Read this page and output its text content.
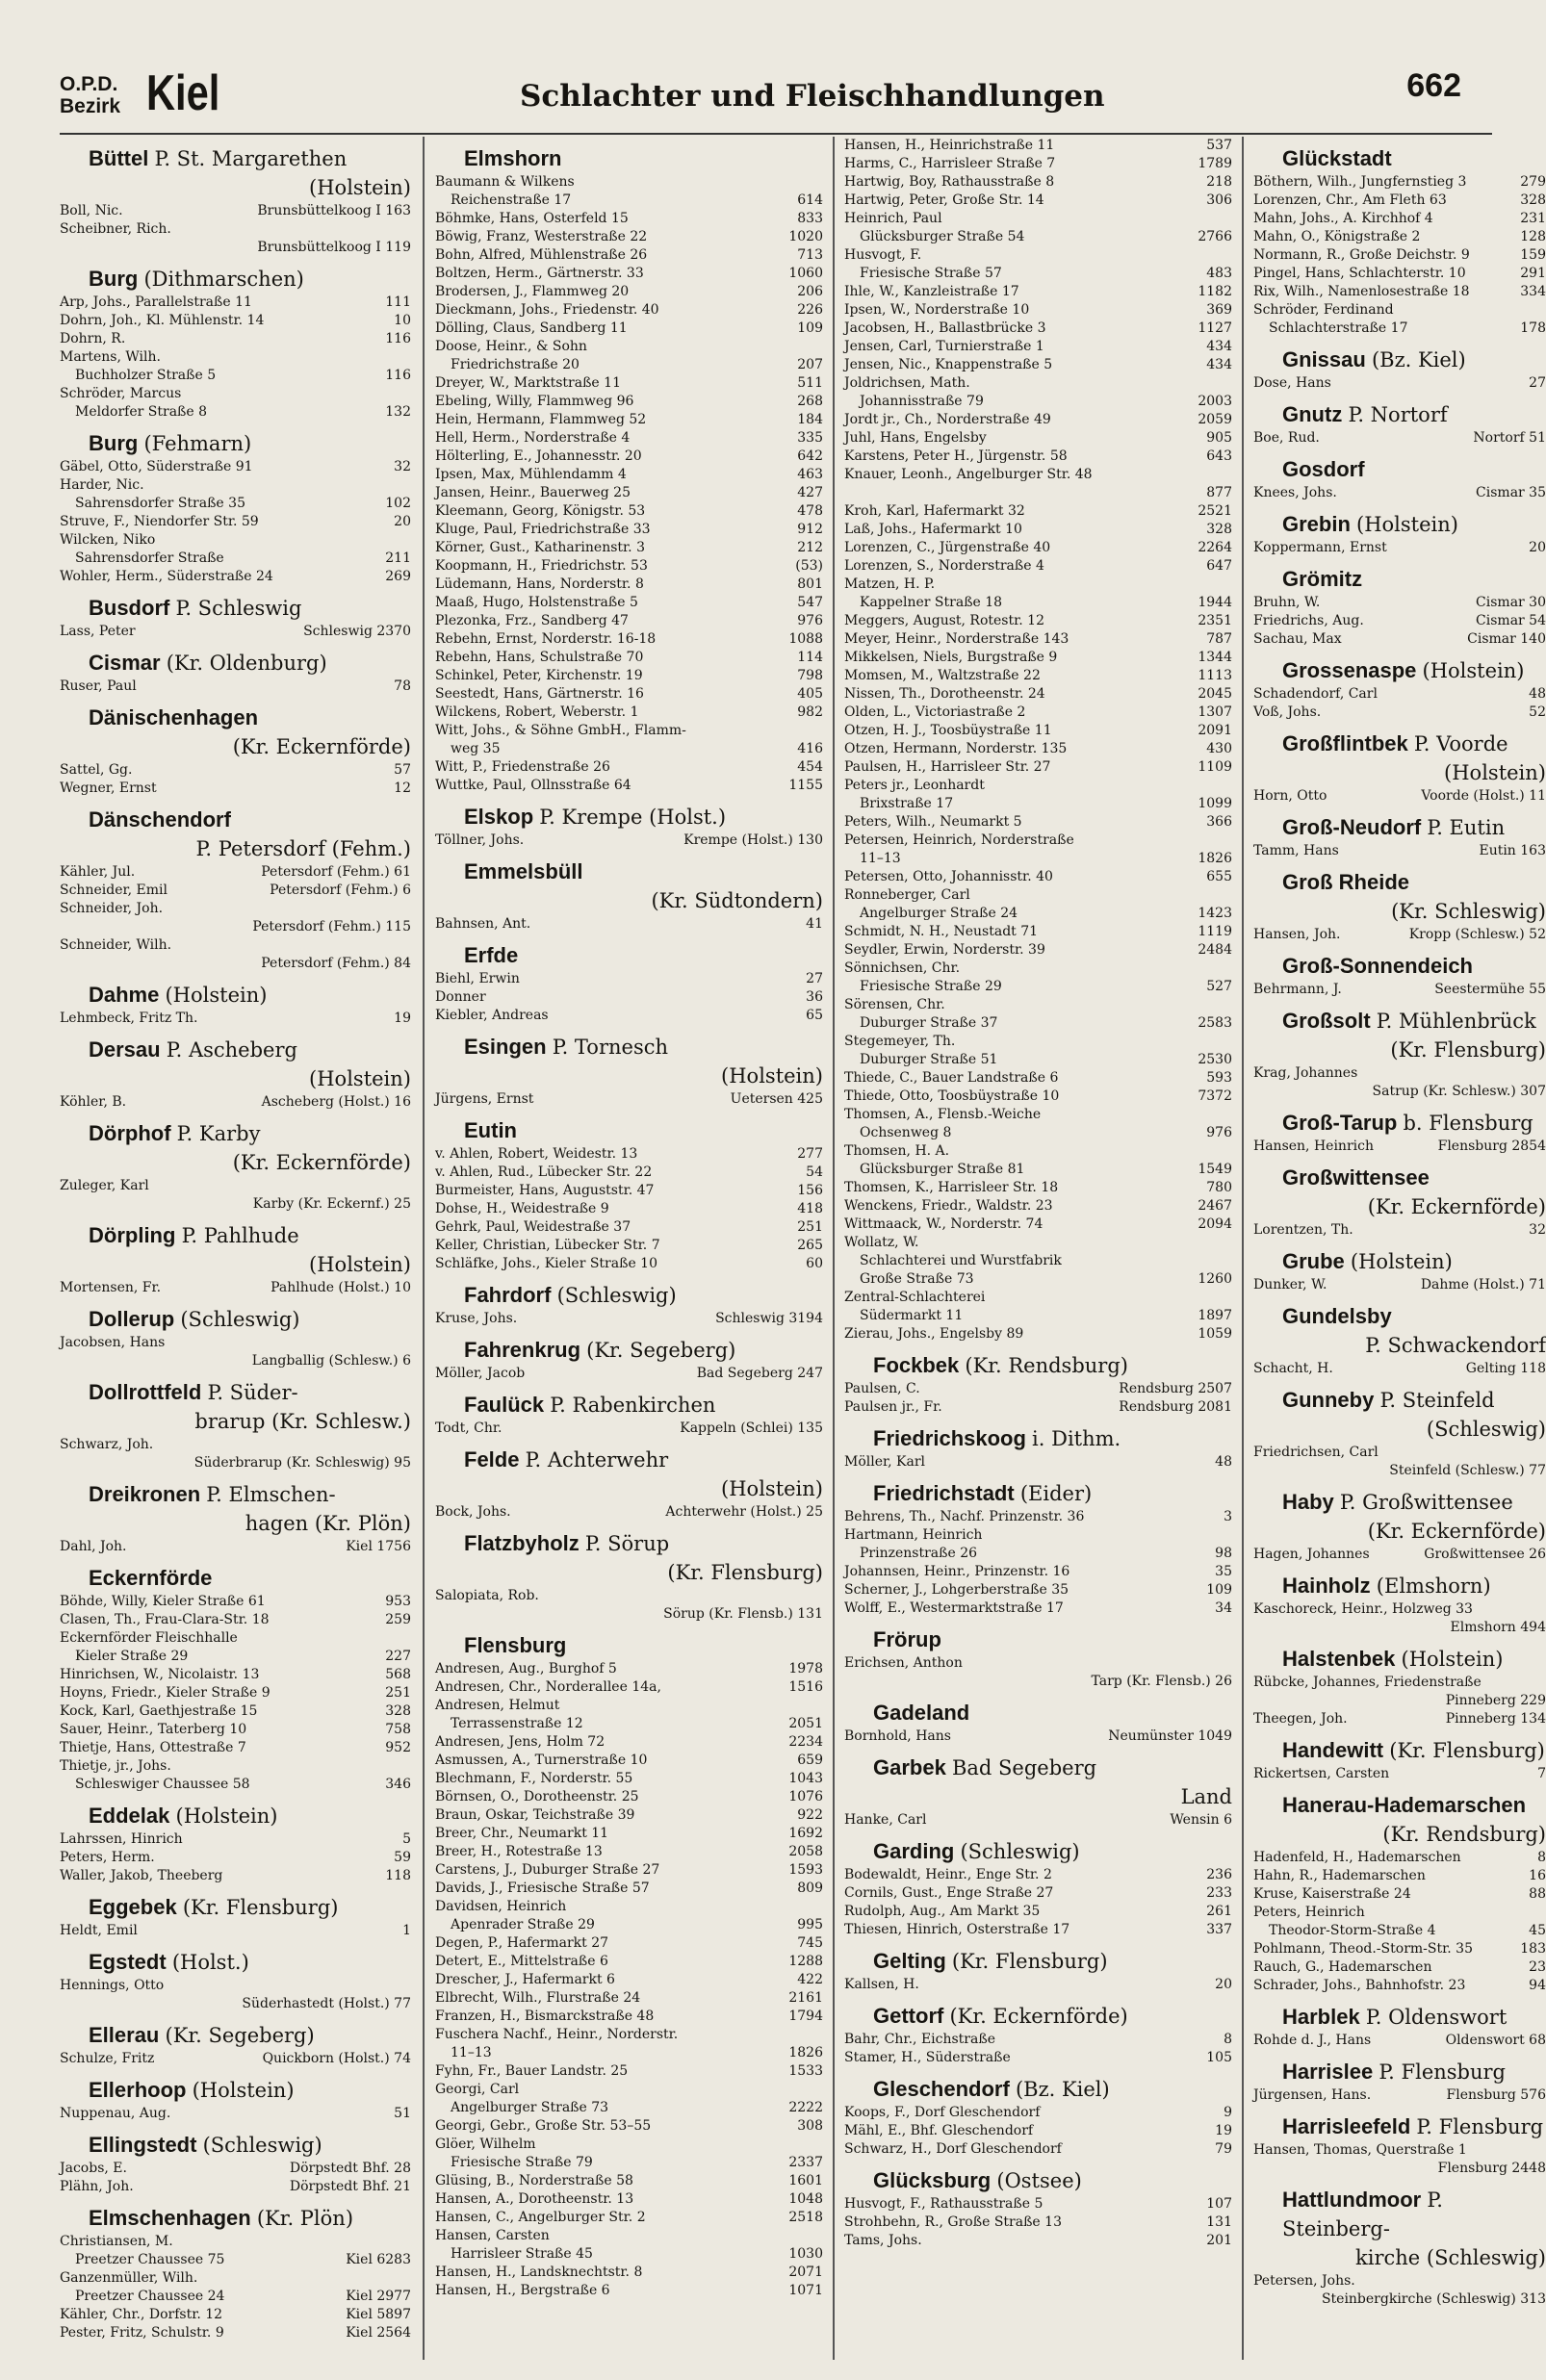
O.P.D.
Bezirk Kiel	Schlachter und Fleischhandlungen	662
Büttel P. St. Margarethen
(Holstein)
Boll, Nic.	Brunsbüttelkoog I 163
Scheibner, Rich.
Brunsbüttelkoog I 119
Burg (Dithmarschen)
Arp, Johs., Parallelstraße 11	111
Dohrn, Joh., Kl. Mühlenstr. 14	10
Dohrn, R.	116
Martens, Wilh.
Buchholzer Straße 5	116
Schröder, Marcus
Meldorfer Straße 8	132
Burg (Fehmarn)
Gäbel, Otto, Süderstraße 91	32
Harder, Nic.
Sahrensdorfer Straße 35	102
Struve, F., Niendorfer Str. 59	20
Wilcken, Niko
Sahrensdorfer Straße	211
Wohler, Herm., Süderstraße 24	269
Busdorf P. Schleswig
Lass, Peter	Schleswig 2370
Cismar (Kr. Oldenburg)
Ruser, Paul	78
Dänischenhagen
(Kr. Eckernförde)
Sattel, Gg.	57
Wegner, Ernst	12
Dänschendorf
P. Petersdorf (Fehm.)
Kähler, Jul.	Petersdorf (Fehm.) 61
Schneider, Emil	Petersdorf (Fehm.) 6
Schneider, Joh.
Petersdorf (Fehm.) 115
Schneider, Wilh.
Petersdorf (Fehm.) 84
Dahme (Holstein)
Lehmbeck, Fritz Th.	19
Dersau P. Ascheberg
(Holstein)
Köhler, B.	Ascheberg (Holst.) 16
Dörphof P. Karby
(Kr. Eckernförde)
Zuleger, Karl
Karby (Kr. Eckernf.) 25
Dörpling P. Pahlhude
(Holstein)
Mortensen, Fr.	Pahlhude (Holst.) 10
Dollerup (Schleswig)
Jacobsen, Hans
Langballig (Schlesw.) 6
Dollrottfeld P. Süder-
brarup (Kr. Schlesw.)
Schwarz, Joh.
Süderbrarup (Kr. Schleswig) 95
Dreikronen P. Elmschen-
hagen (Kr. Plön)
Dahl, Joh.	Kiel 1756
Eckernförde
Böhde, Willy, Kieler Straße 61	953
Clasen, Th., Frau-Clara-Str. 18	259
Eckernförder Fleischhalle
Kieler Straße 29	227
Hinrichsen, W., Nicolaistr. 13	568
Hoyns, Friedr., Kieler Straße 9	251
Kock, Karl, Gaethjestraße 15	328
Sauer, Heinr., Taterberg 10	758
Thietje, Hans, Ottestraße 7	952
Thietje, jr., Johs.
Schleswiger Chaussee 58	346
Eddelak (Holstein)
Lahrssen, Hinrich	5
Peters, Herm.	59
Waller, Jakob, Theeberg	118
Eggebek (Kr. Flensburg)
Heldt, Emil	1
Egstedt (Holst.)
Hennings, Otto
Süderhastedt (Holst.) 77
Ellerau (Kr. Segeberg)
Schulze, Fritz	Quickborn (Holst.) 74
Ellerhoop (Holstein)
Nuppenau, Aug.	51
Ellingstedt (Schleswig)
Jacobs, E.	Dörpstedt Bhf. 28
Plähn, Joh.	Dörpstedt Bhf. 21
Elmschenhagen (Kr. Plön)
Christiansen, M.
Preetzer Chaussee 75	Kiel 6283
Ganzenmüller, Wilh.
Preetzer Chaussee 24	Kiel 2977
Kähler, Chr., Dorfstr. 12	Kiel 5897
Pester, Fritz, Schulstr. 9	Kiel 2564
Elmshorn
Baumann & Wilkens
Reichenstraße 17	614
Böhmke, Hans, Osterfeld 15	833
Böwig, Franz, Westerstraße 22	1020
Bohn, Alfred, Mühlenstraße 26	713
Boltzen, Herm., Gärtnerstr. 33	1060
Brodersen, J., Flammweg 20	206
Dieckmann, Johs., Friedenstr. 40	226
Dölling, Claus, Sandberg 11	109
Doose, Heinr., & Sohn
Friedrichstraße 20	207
Dreyer, W., Marktstraße 11	511
Ebeling, Willy, Flammweg 96	268
Hein, Hermann, Flammweg 52	184
Hell, Herm., Norderstraße 4	335
Hölterling, E., Johannesstr. 20	642
Ipsen, Max, Mühlendamm 4	463
Jansen, Heinr., Bauerweg 25	427
Kleemann, Georg, Königstr. 53	478
Kluge, Paul, Friedrichstraße 33	912
Körner, Gust., Katharinenstr. 3	212
Koopmann, H., Friedrichstr. 53	(53)
Lüdemann, Hans, Norderstr. 8	801
Maaß, Hugo, Holstenstraße 5	547
Plezonka, Frz., Sandberg 47	976
Rebehn, Ernst, Norderstr. 16-18	1088
Rebehn, Hans, Schulstraße 70	114
Schinkel, Peter, Kirchenstr. 19	798
Seestedt, Hans, Gärtnerstr. 16	405
Wilckens, Robert, Weberstr. 1	982
Witt, Johs., & Söhne GmbH., Flamm-
weg 35	416
Witt, P., Friedenstraße 26	454
Wuttke, Paul, Ollnsstraße 64	1155
Elskop P. Krempe (Holst.)
Töllner, Johs.	Krempe (Holst.) 130
Emmelsbüll
(Kr. Südtondern)
Bahnsen, Ant.	41
Erfde
Biehl, Erwin	27
Donner	36
Kiebler, Andreas	65
Esingen P. Tornesch
(Holstein)
Jürgens, Ernst	Uetersen 425
Eutin
v. Ahlen, Robert, Weidestr. 13	277
v. Ahlen, Rud., Lübecker Str. 22	54
Burmeister, Hans, Auguststr. 47	156
Dohse, H., Weidestraße 9	418
Gehrk, Paul, Weidestraße 37	251
Keller, Christian, Lübecker Str. 7	265
Schläfke, Johs., Kieler Straße 10	60
Fahrdorf (Schleswig)
Kruse, Johs.	Schleswig 3194
Fahrenkrug (Kr. Segeberg)
Möller, Jacob	Bad Segeberg 247
Faulück P. Rabenkirchen
Todt, Chr.	Kappeln (Schlei) 135
Felde P. Achterwehr
(Holstein)
Bock, Johs.	Achterwehr (Holst.) 25
Flatzbyholz P. Sörup
(Kr. Flensburg)
Salopiata, Rob.
Sörup (Kr. Flensb.) 131
Flensburg
Andresen, Aug., Burghof 5	1978
Andresen, Chr., Norderallee 14a,	1516
Andresen, Helmut
Terrassenstraße 12	2051
Andresen, Jens, Holm 72	2234
Asmussen, A., Turnerstraße 10	659
Blechmann, F., Norderstr. 55	1043
Börnsen, O., Dorotheenstr. 25	1076
Braun, Oskar, Teichstraße 39	922
Breer, Chr., Neumarkt 11	1692
Breer, H., Rotestraße 13	2058
Carstens, J., Duburger Straße 27	1593
Davids, J., Friesische Straße 57	809
Davidsen, Heinrich
Apenrader Straße 29	995
Degen, P., Hafermarkt 27	745
Detert, E., Mittelstraße 6	1288
Drescher, J., Hafermarkt 6	422
Elbrecht, Wilh., Flurstraße 24	2161
Franzen, H., Bismarckstraße 48	1794
Fuschera Nachf., Heinr., Norderstr.
11–13	1826
Fyhn, Fr., Bauer Landstr. 25	1533
Georgi, Carl
Angelburger Straße 73	2222
Georgi, Gebr., Große Str. 53–55	308
Glöer, Wilhelm
Friesische Straße 79	2337
Glüsing, B., Norderstraße 58	1601
Hansen, A., Dorotheenstr. 13	1048
Hansen, C., Angelburger Str. 2	2518
Hansen, Carsten
Harrisleer Straße 45	1030
Hansen, H., Landsknechtstr. 8	2071
Hansen, H., Bergstraße 6	1071
Hansen, H., Heinrichstraße 11	537
Harms, C., Harrisleer Straße 7	1789
Hartwig, Boy, Rathausstraße 8	218
Hartwig, Peter, Große Str. 14	306
Heinrich, Paul
Glücksburger Straße 54	2766
Husvogt, F.
Friesische Straße 57	483
Ihle, W., Kanzleistraße 17	1182
Ipsen, W., Norderstraße 10	369
Jacobsen, H., Ballastbrücke 3	1127
Jensen, Carl, Turnierstraße 1	434
Jensen, Nic., Knappenstraße 5	434
Joldrichsen, Math.
Johannisstraße 79	2003
Jordt jr., Ch., Norderstraße 49	2059
Juhl, Hans, Engelsby	905
Karstens, Peter H., Jürgenstr. 58	643
Knauer, Leonh., Angelburger Str. 48
877
Kroh, Karl, Hafermarkt 32	2521
Laß, Johs., Hafermarkt 10	328
Lorenzen, C., Jürgenstraße 40	2264
Lorenzen, S., Norderstraße 4	647
Matzen, H. P.
Kappelner Straße 18	1944
Meggers, August, Rotestr. 12	2351
Meyer, Heinr., Norderstraße 143	787
Mikkelsen, Niels, Burgstraße 9	1344
Momsen, M., Waltzstraße 22	1113
Nissen, Th., Dorotheenstr. 24	2045
Olden, L., Victoriastraße 2	1307
Otzen, H. J., Toosbüystraße 11	2091
Otzen, Hermann, Norderstr. 135	430
Paulsen, H., Harrisleer Str. 27	1109
Peters jr., Leonhardt
Brixstraße 17	1099
Peters, Wilh., Neumarkt 5	366
Petersen, Heinrich, Norderstraße
11–13	1826
Petersen, Otto, Johannisstr. 40	655
Ronneberger, Carl
Angelburger Straße 24	1423
Schmidt, N. H., Neustadt 71	1119
Seydler, Erwin, Norderstr. 39	2484
Sönnichsen, Chr.
Friesische Straße 29	527
Sörensen, Chr.
Duburger Straße 37	2583
Stegemeyer, Th.
Duburger Straße 51	2530
Thiede, C., Bauer Landstraße 6	593
Thiede, Otto, Toosbüystraße 10	7372
Thomsen, A., Flensb.-Weiche
Ochsenweg 8	976
Thomsen, H. A.
Glücksburger Straße 81	1549
Thomsen, K., Harrisleer Str. 18	780
Wenckens, Friedr., Waldstr. 23	2467
Wittmaack, W., Norderstr. 74	2094
Wollatz, W.
Schlachterei und Wurstfabrik
Große Straße 73	1260
Zentral-Schlachterei
Südermarkt 11	1897
Zierau, Johs., Engelsby 89	1059
Fockbek (Kr. Rendsburg)
Paulsen, C.	Rendsburg 2507
Paulsen jr., Fr.	Rendsburg 2081
Friedrichskoog i. Dithm.
Möller, Karl	48
Friedrichstadt (Eider)
Behrens, Th., Nachf. Prinzenstr. 36	3
Hartmann, Heinrich
Prinzenstraße 26	98
Johannsen, Heinr., Prinzenstr. 16	35
Scherner, J., Lohgerberstraße 35	109
Wolff, E., Westermarktstraße 17	34
Frörup
Erichsen, Anthon
Tarp (Kr. Flensb.) 26
Gadeland
Bornhold, Hans	Neumünster 1049
Garbek Bad Segeberg
Land
Hanke, Carl	Wensin 6
Garding (Schleswig)
Bodewaldt, Heinr., Enge Str. 2	236
Cornils, Gust., Enge Straße 27	233
Rudolph, Aug., Am Markt 35	261
Thiesen, Hinrich, Osterstraße 17	337
Gelting (Kr. Flensburg)
Kallsen, H.	20
Gettorf (Kr. Eckernförde)
Bahr, Chr., Eichstraße	8
Stamer, H., Süderstraße	105
Gleschendorf (Bz. Kiel)
Koops, F., Dorf Gleschendorf	9
Mähl, E., Bhf. Gleschendorf	19
Schwarz, H., Dorf Gleschendorf	79
Glücksburg (Ostsee)
Husvogt, F., Rathausstraße 5	107
Strohbehn, R., Große Straße 13	131
Tams, Johs.	201
Glückstadt
Böthern, Wilh., Jungfernstieg 3	279
Lorenzen, Chr., Am Fleth 63	328
Mahn, Johs., A. Kirchhof 4	231
Mahn, O., Königstraße 2	128
Normann, R., Große Deichstr. 9	159
Pingel, Hans, Schlachterstr. 10	291
Rix, Wilh., Namenlosestraße 18	334
Schröder, Ferdinand
Schlachterstraße 17	178
Gnissau (Bz. Kiel)
Dose, Hans	27
Gnutz P. Nortorf
Boe, Rud.	Nortorf 51
Gosdorf
Knees, Johs.	Cismar 35
Grebin (Holstein)
Koppermann, Ernst	20
Grömitz
Bruhn, W.	Cismar 30
Friedrichs, Aug.	Cismar 54
Sachau, Max	Cismar 140
Grossenaspe (Holstein)
Schadendorf, Carl	48
Voß, Johs.	52
Großflintbek P. Voorde
(Holstein)
Horn, Otto	Voorde (Holst.) 11
Groß-Neudorf P. Eutin
Tamm, Hans	Eutin 163
Groß Rheide
(Kr. Schleswig)
Hansen, Joh.	Kropp (Schlesw.) 52
Groß-Sonnendeich
Behrmann, J.	Seestermühe 55
Großsolt P. Mühlenbrück
(Kr. Flensburg)
Krag, Johannes
Satrup (Kr. Schlesw.) 307
Groß-Tarup b. Flensburg
Hansen, Heinrich	Flensburg 2854
Großwittensee
(Kr. Eckernförde)
Lorentzen, Th.	32
Grube (Holstein)
Dunker, W.	Dahme (Holst.) 71
Gundelsby
P. Schwackendorf
Schacht, H.	Gelting 118
Gunneby P. Steinfeld
(Schleswig)
Friedrichsen, Carl
Steinfeld (Schlesw.) 77
Haby P. Großwittensee
(Kr. Eckernförde)
Hagen, Johannes	Großwittensee 26
Hainholz (Elmshorn)
Kaschoreck, Heinr., Holzweg 33
Elmshorn 494
Halstenbek (Holstein)
Rübcke, Johannes, Friedenstraße
Pinneberg 229
Theegen, Joh.	Pinneberg 134
Handewitt (Kr. Flensburg)
Rickertsen, Carsten	7
Hanerau-Hademarschen
(Kr. Rendsburg)
Hadenfeld, H., Hademarschen	8
Hahn, R., Hademarschen	16
Kruse, Kaiserstraße 24	88
Peters, Heinrich
Theodor-Storm-Straße 4	45
Pohlmann, Theod.-Storm-Str. 35	183
Rauch, G., Hademarschen	23
Schrader, Johs., Bahnhofstr. 23	94
Harblek P. Oldenswort
Rohde d. J., Hans	Oldenswort 68
Harrislee P. Flensburg
Jürgensen, Hans.	Flensburg 576
Harrisleefeld P. Flensburg
Hansen, Thomas, Querstraße 1
Flensburg 2448
Hattlundmoor P. Steinberg-
kirche (Schleswig)
Petersen, Johs.
Steinbergkirche (Schleswig) 313
